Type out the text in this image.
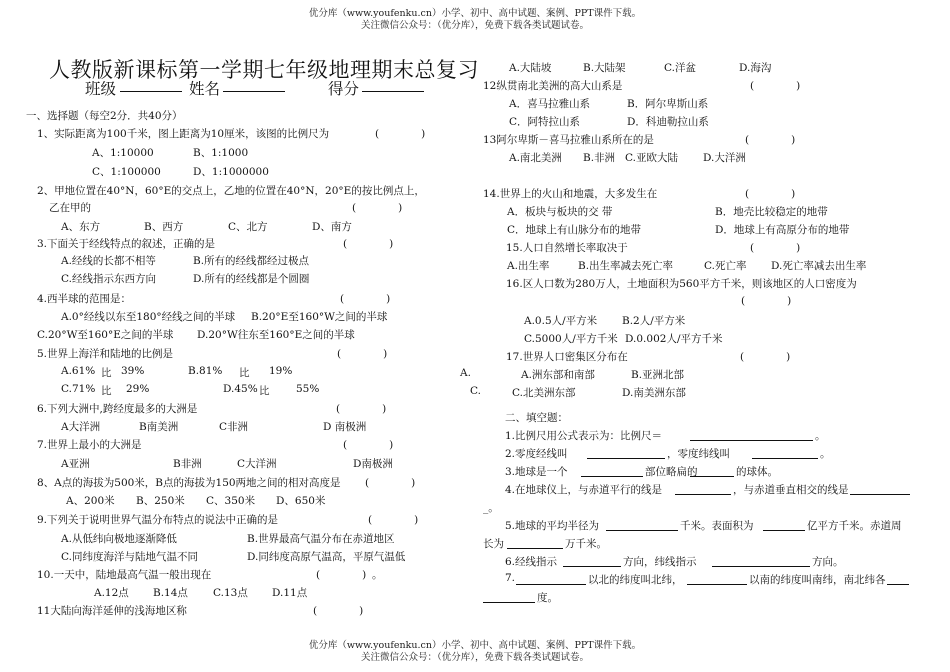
优分库（www.youfenku.cn）小学、初中、高中试题、案例、PPT课件下载。
关注微信公众号：（优分库），免费下载各类试题试卷。
优分库（www.youfenku.cn）小学、初中、高中试题、案例、PPT课件下载。
关注微信公众号：（优分库），免费下载各类试题试卷。
人教版新课标第一学期七年级地理期末总复习
班级	姓名	得分
一、选择题（每空2分．共40分）
1、实际距离为100千米，图上距离为10厘米，该图的比例尺为	(　　　　)
A、1:10000	B、1:1000
C、1:100000	D、1:1000000
2、甲地位置在40°N，60°E的交点上，乙地的位置在40°N，20°E的按比例点上，
乙在甲的	(　　　　)
A、东方	B、西方	C、北方	D、南方
3.下面关于经线特点的叙述，正确的是	(　　　　)
A.经线的长都不相等	B.所有的经线都经过极点
C.经线指示东西方向	D.所有的经线都是个圆圈
4.西半球的范围是：	(　　　　)
A.0°经线以东至180°经线之间的半球 B.20°E至160°W之间的半球
C.20°W至160°E之间的半球 D.20°W往东至160°E之间的半球
5.世界上海洋和陆地的比例是	(　　　　)
A.61% 比 39%	B.81% 比 19%
C.71% 比 29%	D.45% 比	55%
6.下列大洲中,跨经度最多的大洲是	(　　　　)
A大洋洲	B南美洲	C非洲	D 南极洲
7.世界上最小的大洲是	(　　　　)
A亚洲	B非洲	C大洋洲	D南极洲
8、A点的海拔为500米，B点的海拔为150两地之间的相对高度是 (　　　　)
A、200米 B、250米 C、350米 D、650米
9.下列关于说明世界气温分布特点的说法中正确的是	(　　　　)
A.从低纬向极地逐渐降低	B.世界最高气温分布在赤道地区
C.同纬度海洋与陆地气温不同	D.同纬度高原气温高，平原气温低
10.一天中，陆地最高气温一般出现在	(　　　　) 。
A.12点 B.14点 C.13点 D.11点
11大陆向海洋延伸的浅海地区称	(　　　　)
A.大陆坡	B.大陆架	C.洋盆	D.海沟
12纵贯南北美洲的高大山系是	(　　　　)
A．喜马拉雅山系	B．阿尔卑斯山系
C．阿特拉山系	D．科迪勒拉山系
13阿尔卑斯－喜马拉雅山系所在的是	(　　　　)
A.南北美洲 B.非洲 C.亚欧大陆 D.大洋洲
14.世界上的火山和地震，大多发生在	(　　　　)
A．板块与板块的交 带	B．地壳比较稳定的地带
C．地球上有山脉分布的地带	D．地球上有高原分布的地带
15.人口自然增长率取决于	(　　　　)
A.出生率	B.出生率减去死亡率	C.死亡率 D.死亡率减去出生率
16.区人口数为280万人，土地面积为560平方千米，则该地区的人口密度为
(　　　　)
A.0.5人/平方米 B.2人/平方米
C.5000人/平方千米 D.0.002人/平方千米
17.世界人口密集区分布在	(　　　　)
A.	A.洲东部和南部	B.亚洲北部
C.	C.北美洲东部	D.南美洲东部
二、填空题：
1.比例尺用公式表示为：比例尺＝	。
2.零度经线叫	，零度纬线叫	。
3.地球是一个	部位略扁的	的球体。
4.在地球仪上，与赤道平行的线是	，与赤道垂直相交的线是
_。
5.地球的平均半径为	千米。表面积为	亿平方千米。赤道周
长为	万千米。
6.经线指示	方向，纬线指示	方向。
7.	以北的纬度叫北纬，	以南的纬度叫南纬，南北纬各
度。
